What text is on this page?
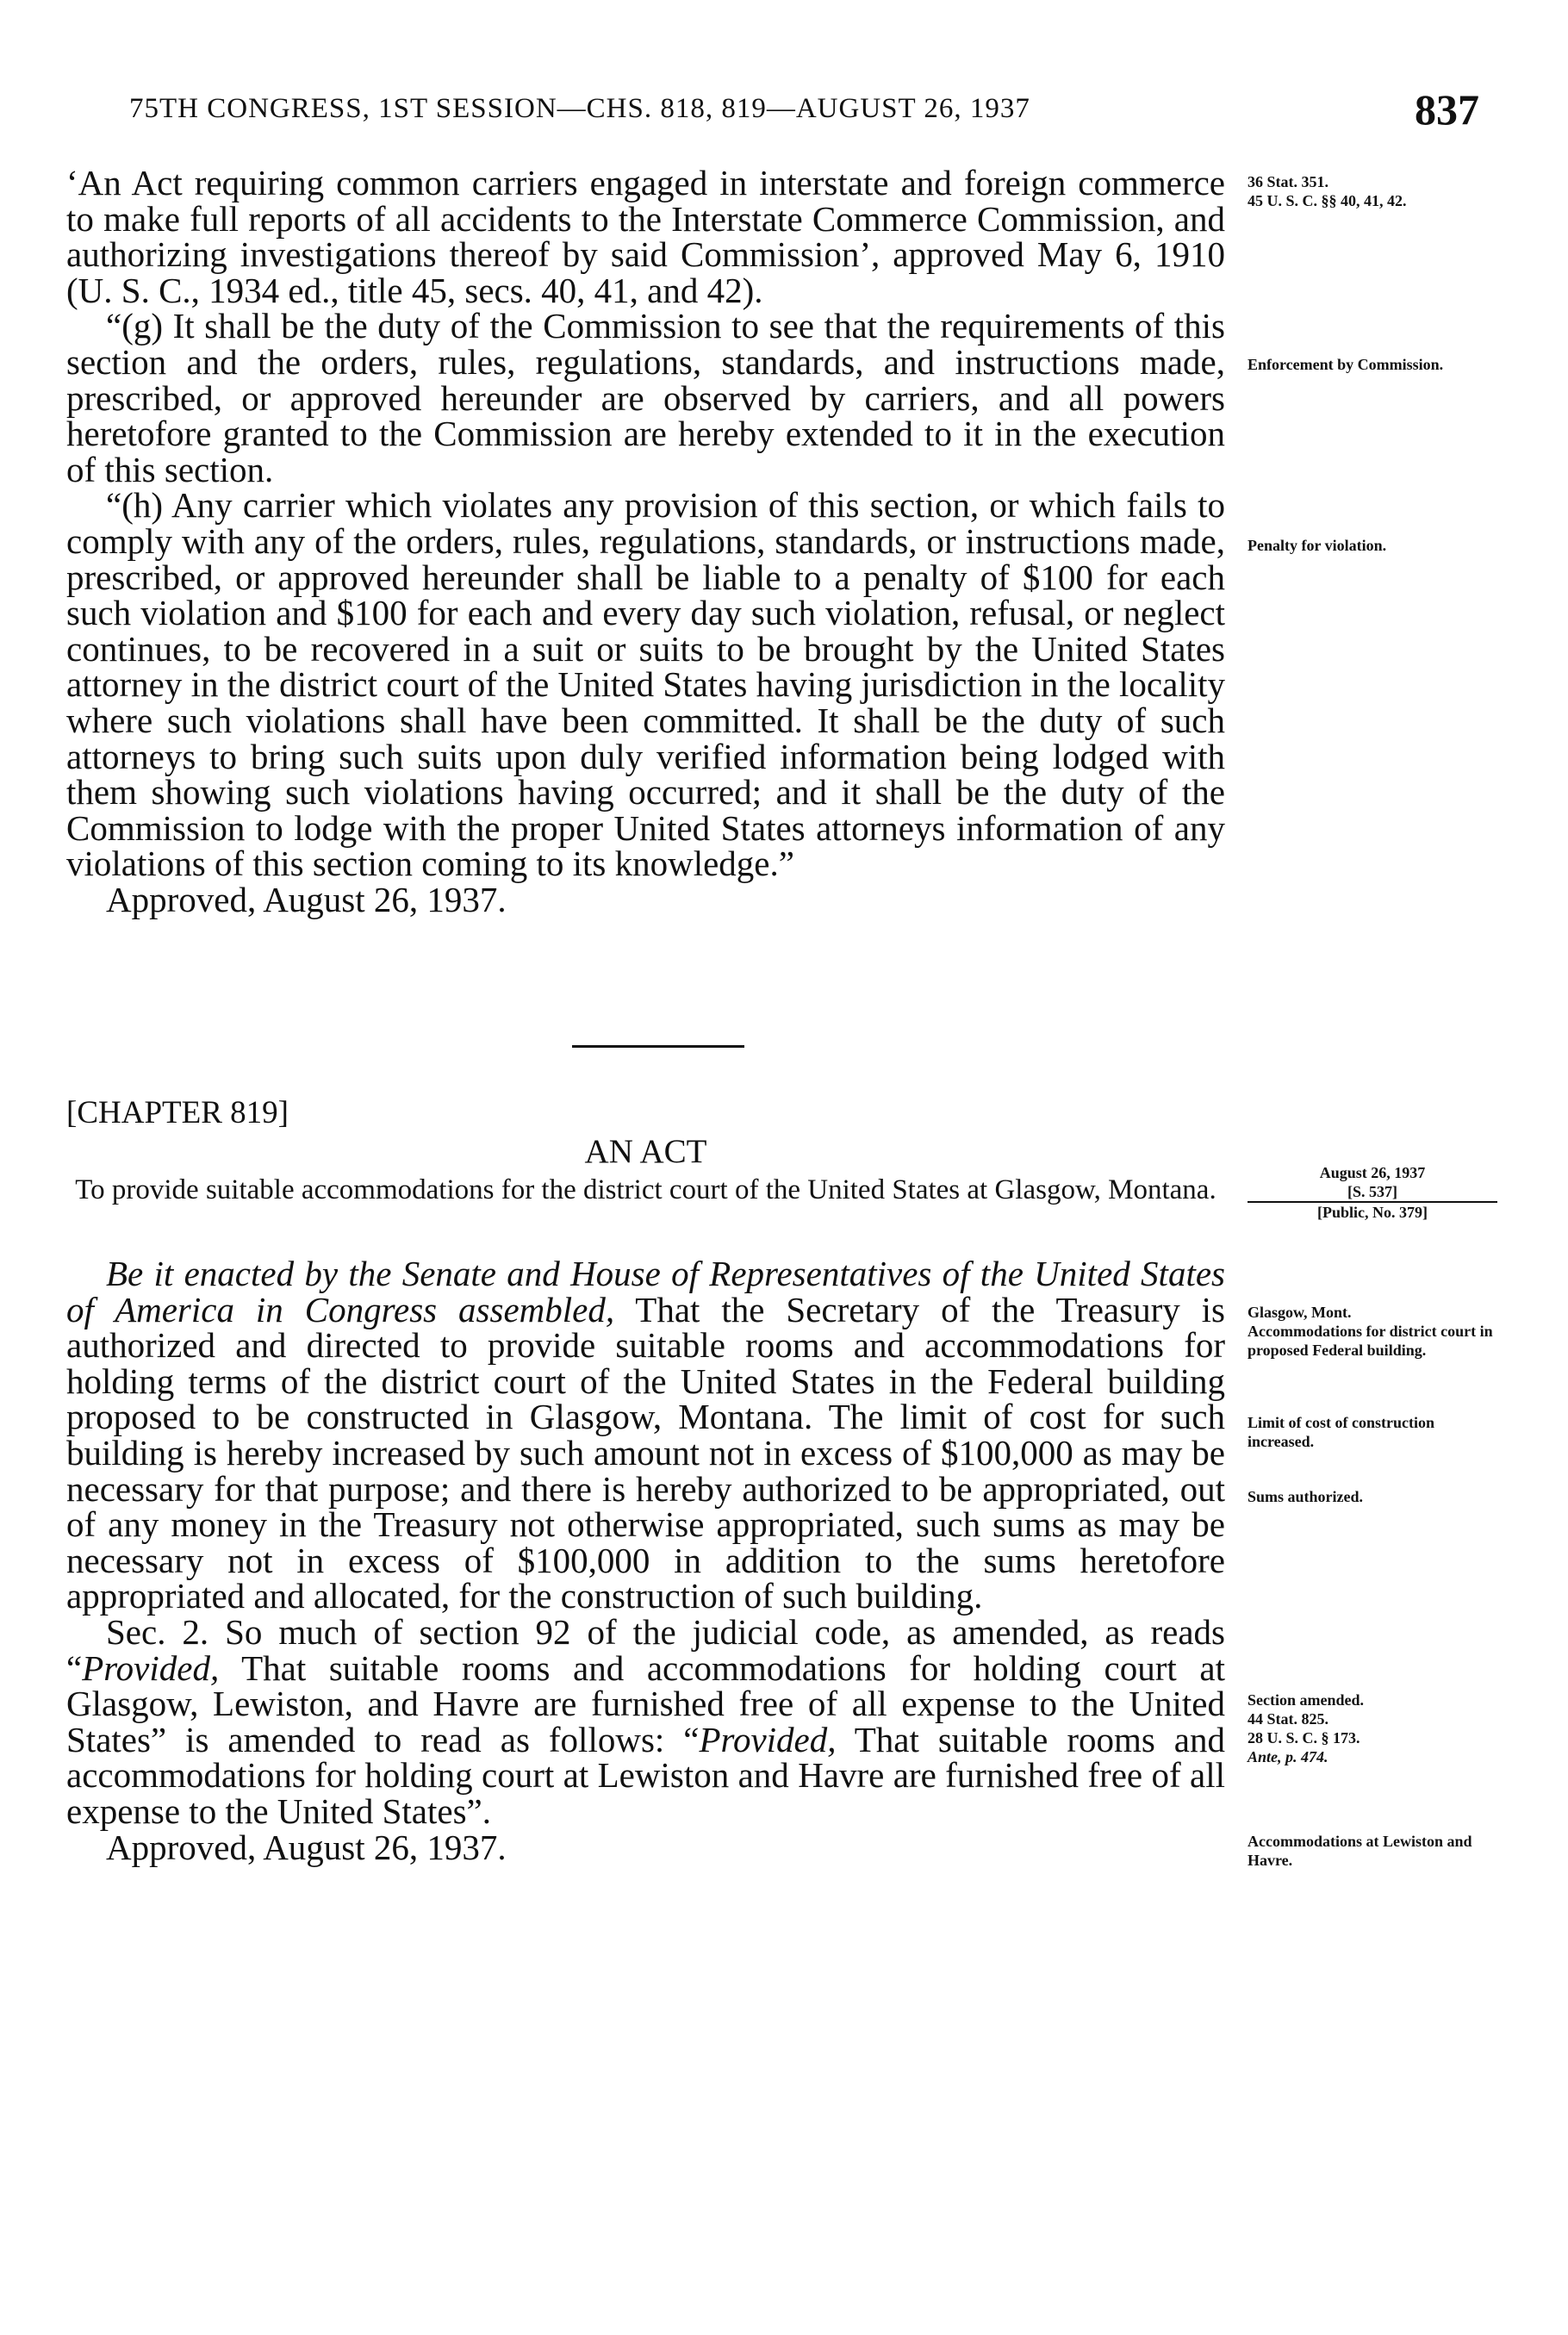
75TH CONGRESS, 1ST SESSION—CHS. 818, 819—AUGUST 26, 1937	837

‘An Act requiring common carriers engaged in interstate and foreign commerce to make full reports of all accidents to the Interstate Commerce Commission, and authorizing investigations thereof by said Commission’, approved May 6, 1910 (U. S. C., 1934 ed., title 45, secs. 40, 41, and 42).

“(g) It shall be the duty of the Commission to see that the requirements of this section and the orders, rules, regulations, standards, and instructions made, prescribed, or approved hereunder are observed by carriers, and all powers heretofore granted to the Commission are hereby extended to it in the execution of this section.

“(h) Any carrier which violates any provision of this section, or which fails to comply with any of the orders, rules, regulations, standards, or instructions made, prescribed, or approved hereunder shall be liable to a penalty of $100 for each such violation and $100 for each and every day such violation, refusal, or neglect continues, to be recovered in a suit or suits to be brought by the United States attorney in the district court of the United States having jurisdiction in the locality where such violations shall have been committed. It shall be the duty of such attorneys to bring such suits upon duly verified information being lodged with them showing such violations having occurred; and it shall be the duty of the Commission to lodge with the proper United States attorneys information of any violations of this section coming to its knowledge.”

Approved, August 26, 1937.

36 Stat. 351.
45 U. S. C. §§ 40, 41, 42.
Enforcement by Commission.
Penalty for violation.
[CHAPTER 819]
AN ACT
To provide suitable accommodations for the district court of the United States at Glasgow, Montana.
August 26, 1937
[S. 537]
[Public, No. 379]

Be it enacted by the Senate and House of Representatives of the United States of America in Congress assembled, That the Secretary of the Treasury is authorized and directed to provide suitable rooms and accommodations for holding terms of the district court of the United States in the Federal building proposed to be constructed in Glasgow, Montana. The limit of cost for such building is hereby increased by such amount not in excess of $100,000 as may be necessary for that purpose; and there is hereby authorized to be appropriated, out of any money in the Treasury not otherwise appropriated, such sums as may be necessary not in excess of $100,000 in addition to the sums heretofore appropriated and allocated, for the construction of such building.

Sec. 2. So much of section 92 of the judicial code, as amended, as reads “Provided, That suitable rooms and accommodations for holding court at Glasgow, Lewiston, and Havre are furnished free of all expense to the United States” is amended to read as follows: “Provided, That suitable rooms and accommodations for holding court at Lewiston and Havre are furnished free of all expense to the United States”.

Approved, August 26, 1937.

Glasgow, Mont.
Accommodations for district court in proposed Federal building.
Limit of cost of construction increased.
Sums authorized.
Section amended.
44 Stat. 825.
28 U. S. C. § 173.
Ante, p. 474.
Accommodations at Lewiston and Havre.
